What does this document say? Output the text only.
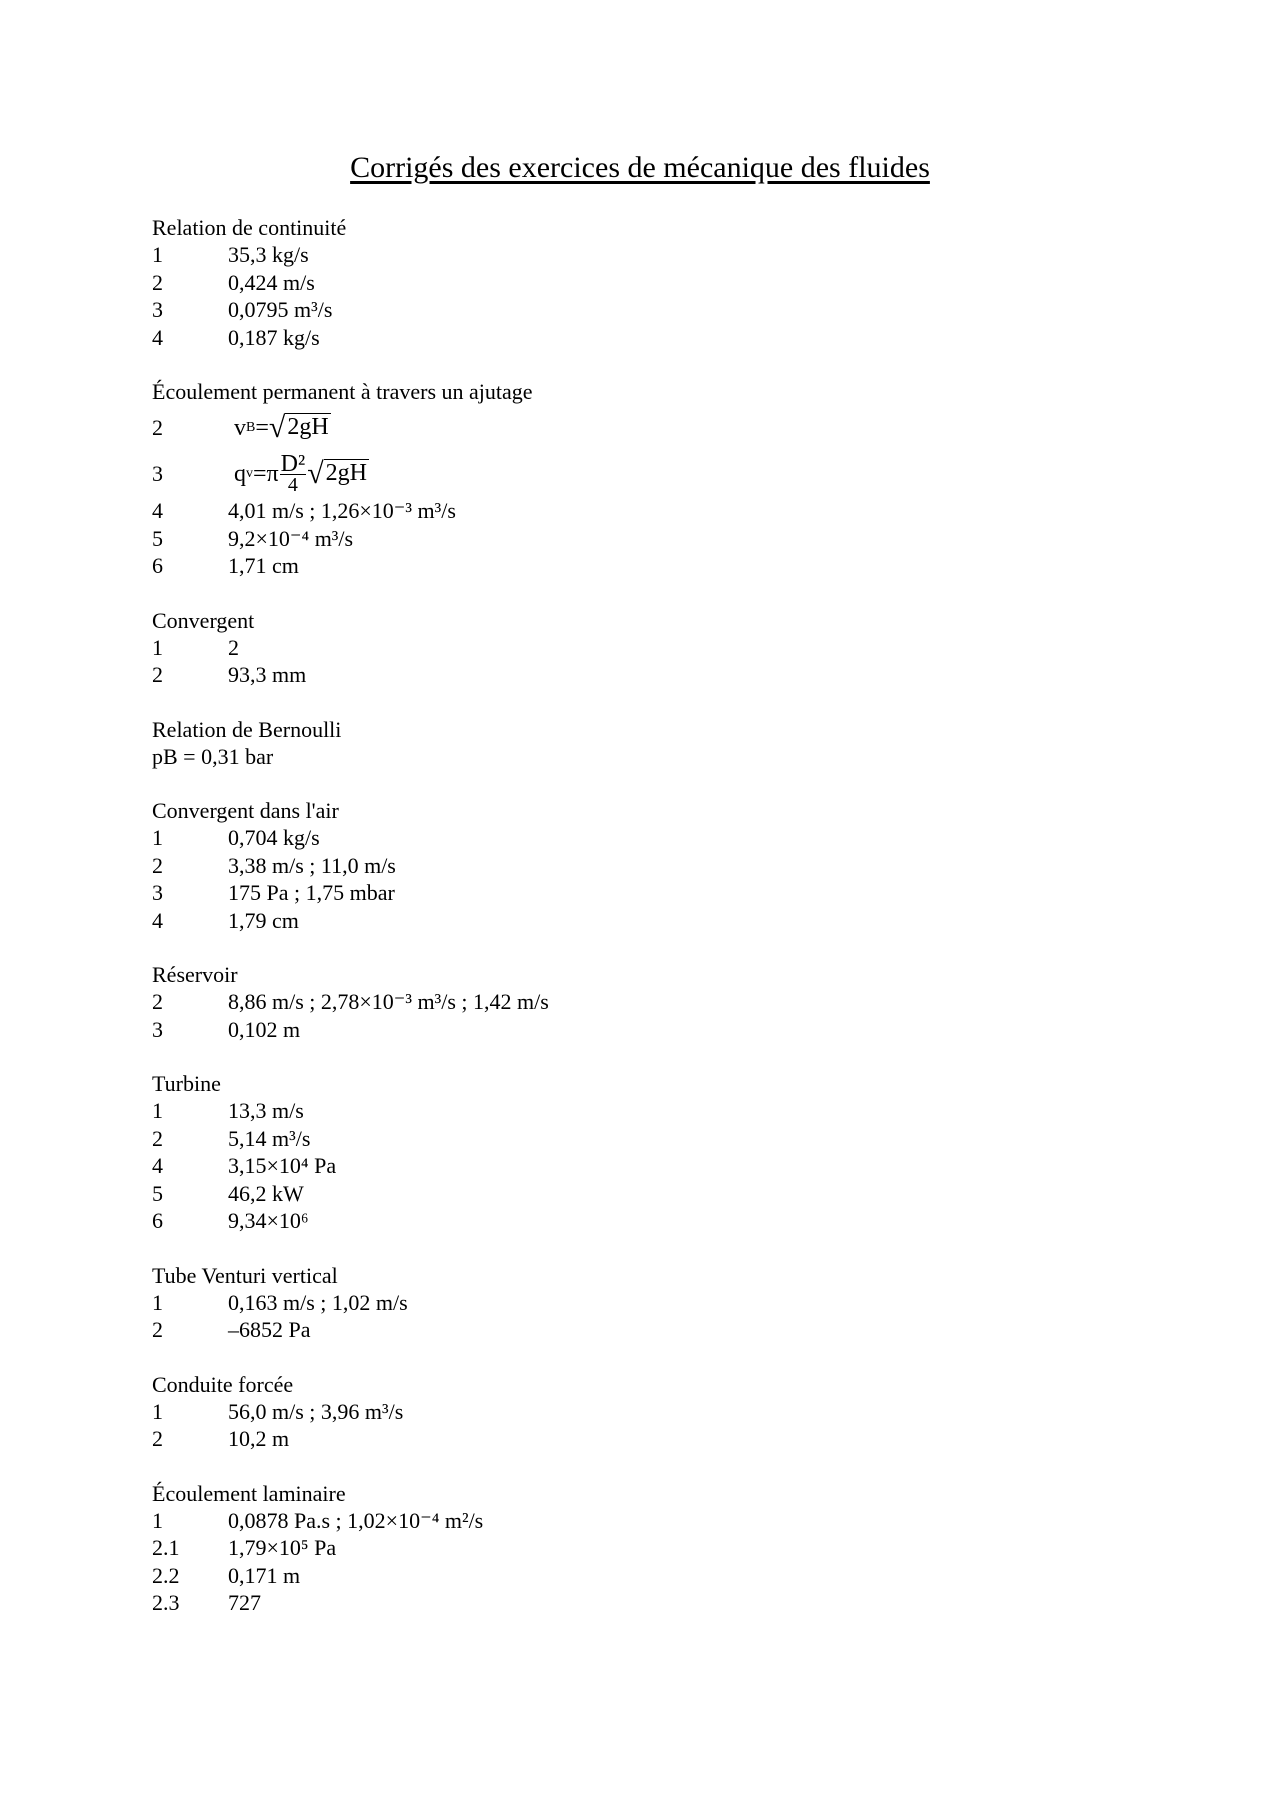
Corrigés des exercices de mécanique des fluides
Relation de continuité
1	35,3 kg/s
2	0,424 m/s
3	0,0795 m³/s
4	0,187 kg/s
Écoulement permanent à travers un ajutage
2	v B = √ 2gH
3	q $v =\pi \frac{\text{D²}}{4}$ √ 2gH
4	4,01 m/s ; 1,26×10⁻³ m³/s
5	9,2×10⁻⁴ m³/s
6	1,71 cm
Convergent
1	2
2	93,3 mm
Relation de Bernoulli
pB = 0,31 bar
Convergent dans l'air
1	0,704 kg/s
2	3,38 m/s ; 11,0 m/s
3	175 Pa ; 1,75 mbar
4	1,79 cm
Réservoir
2	8,86 m/s ; 2,78×10⁻³ m³/s ; 1,42 m/s
3	0,102 m
Turbine
1	13,3 m/s
2	5,14 m³/s
4	3,15×10⁴ Pa
5	46,2 kW
6	9,34×10⁶
Tube Venturi vertical
1	0,163 m/s ; 1,02 m/s
2	–6852 Pa
Conduite forcée
1	56,0 m/s ; 3,96 m³/s
2	10,2 m
Écoulement laminaire
1	0,0878 Pa.s ; 1,02×10⁻⁴ m²/s
2.1	1,79×10⁵ Pa
2.2	0,171 m
2.3	727
